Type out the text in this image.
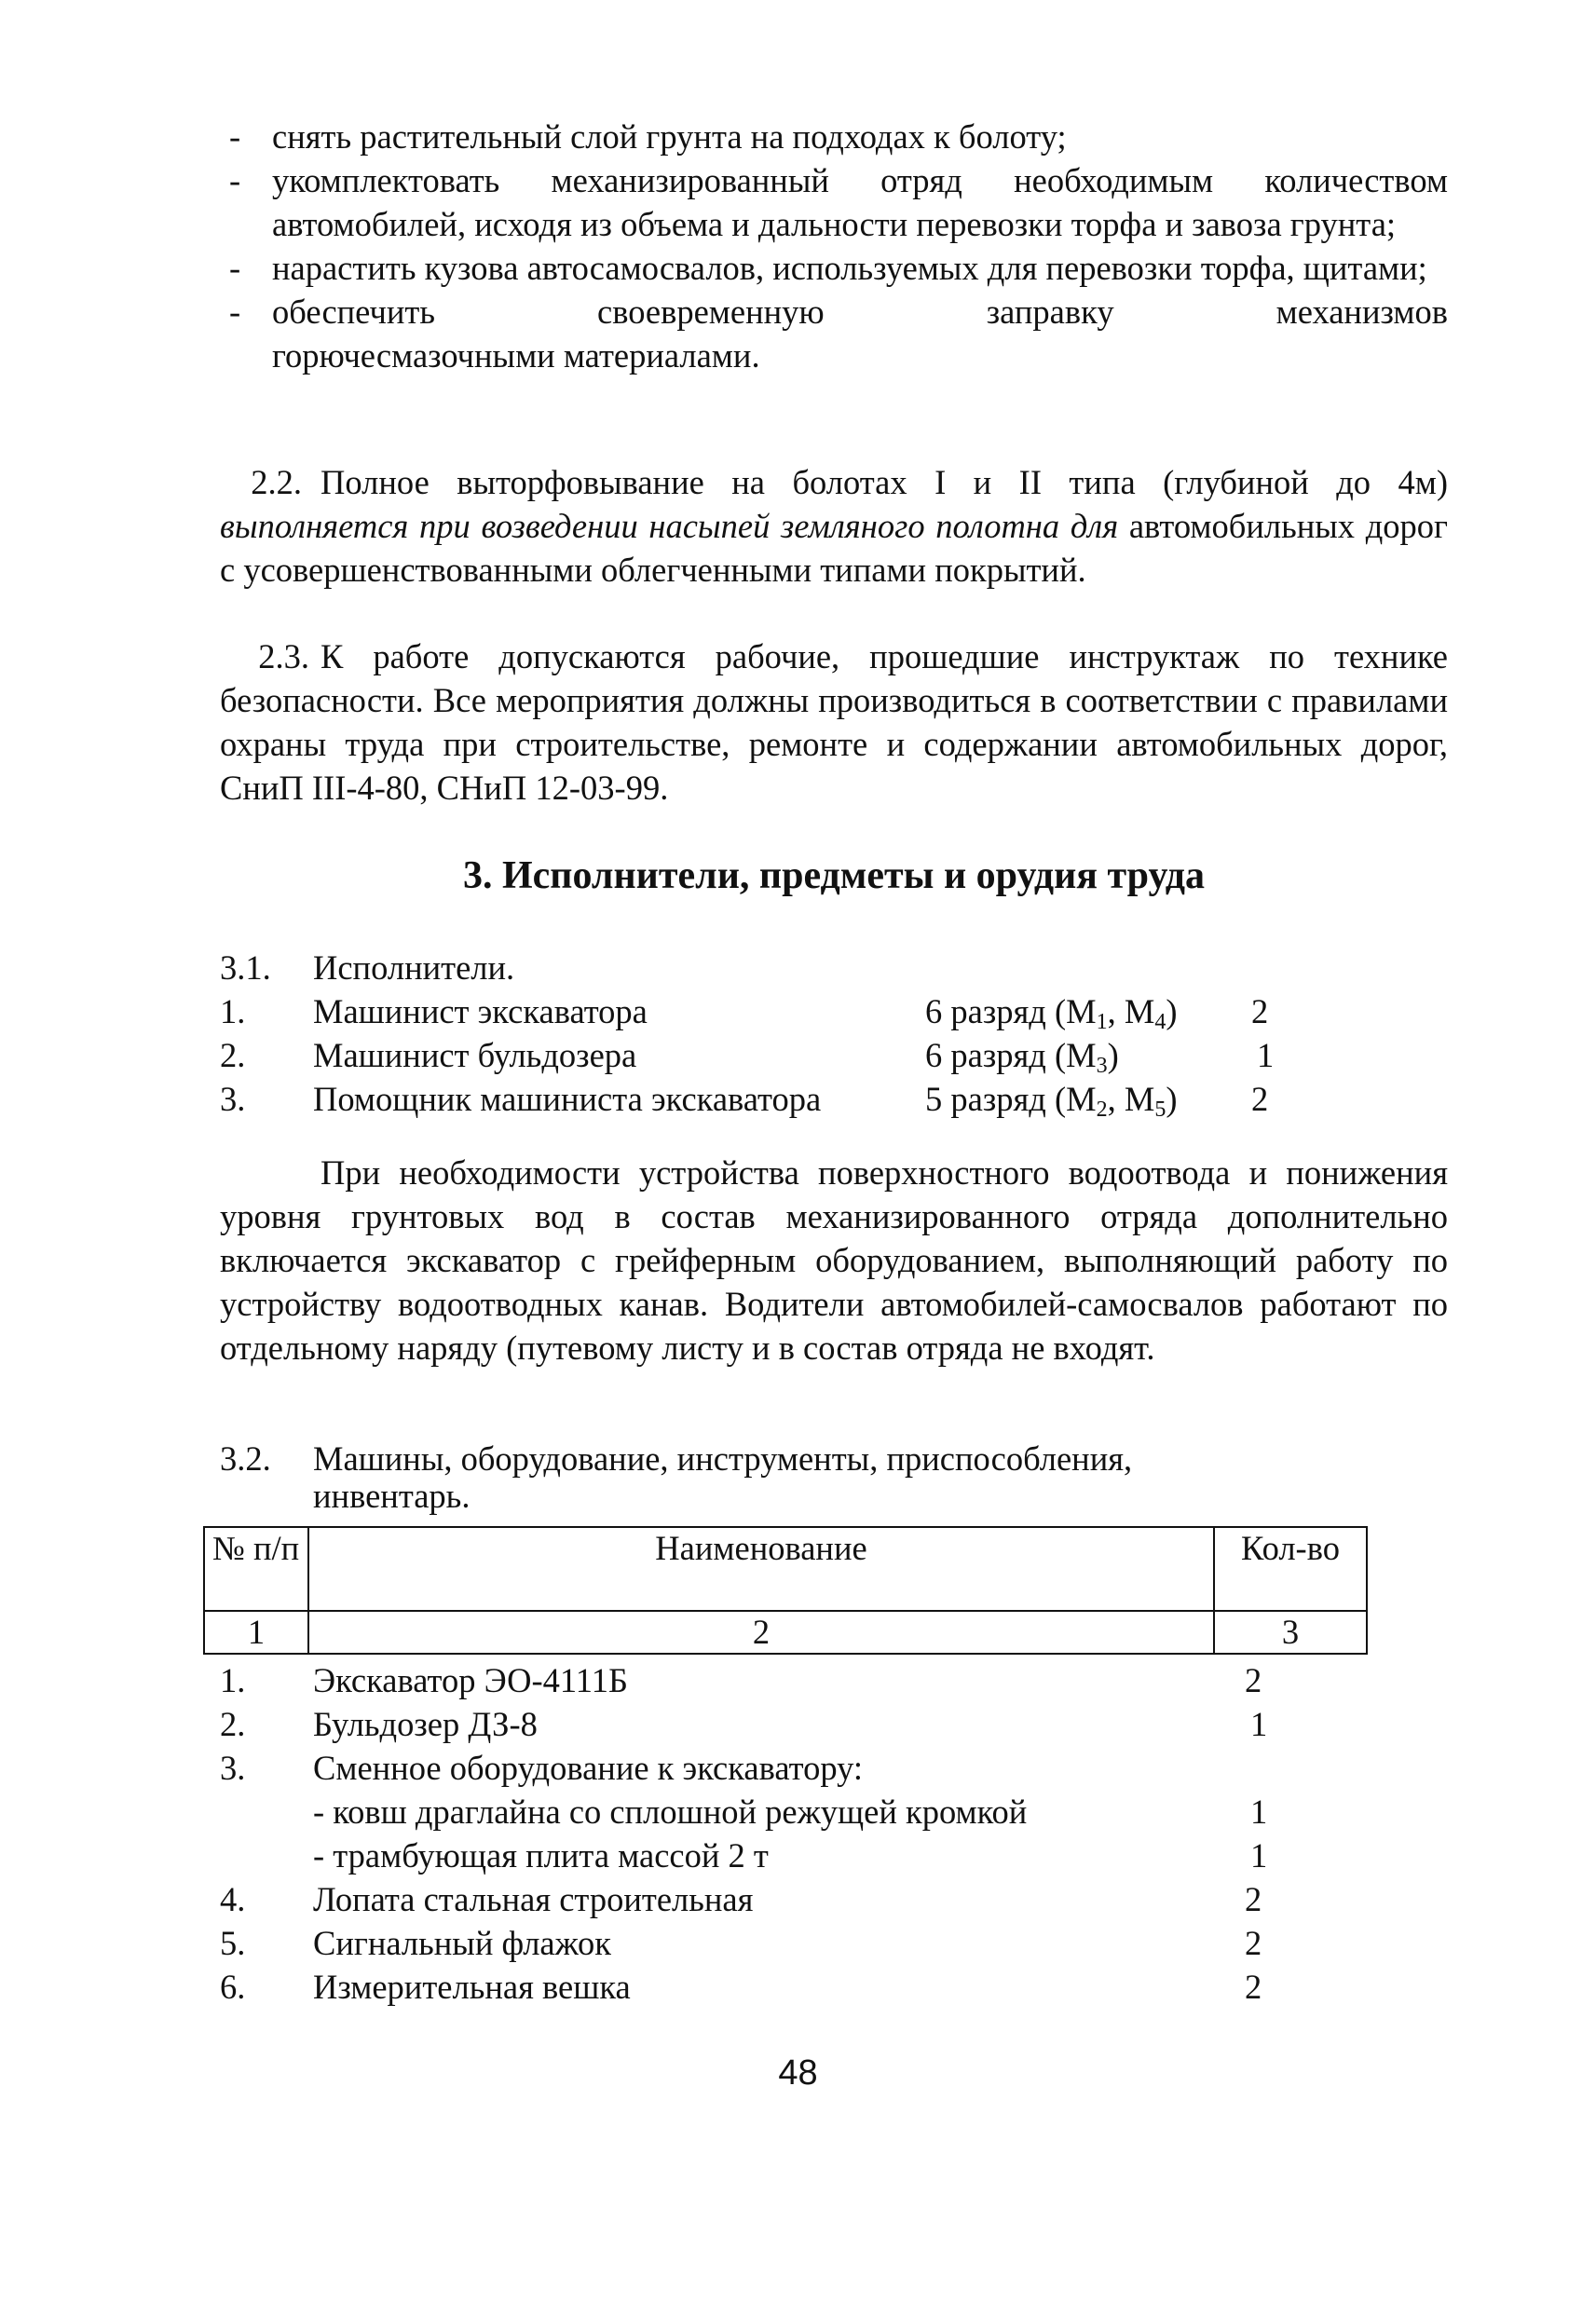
- снять растительный слой грунта на подходах к болоту;
- укомплектовать механизированный отряд необходимым количеством автомобилей, исходя из объема и дальности перевозки торфа и завоза грунта;
- нарастить кузова автосамосвалов, используемых для перевозки торфа, щитами;
- обеспечить своевременную заправку механизмов
горючесмазочными материалами.
2.2. Полное выторфовывание на болотах I и II типа (глубиной до 4м) выполняется при возведении насыпей земляного полотна для автомобильных дорог с усовершенствованными облегченными типами покрытий.
2.3. К работе допускаются рабочие, прошедшие инструктаж по технике безопасности. Все мероприятия должны производиться в соответствии с правилами охраны труда при строительстве, ремонте и содержании автомобильных дорог, СниП III-4-80, СНиП 12-03-99.
3. Исполнители, предметы и орудия труда
3.1.	Исполнители.
1.	Машинист экскаватора	6 разряд ($M_1$, $M_4$)	2
2.	Машинист бульдозера	6 разряд $(M_3)$	1
3.	Помощник машиниста экскаватора	5 разряд ($M_2$, $M_5$)	2
При необходимости устройства поверхностного водоотвода и понижения уровня грунтовых вод в состав механизированного отряда дополнительно включается экскаватор с грейферным оборудованием, выполняющий работу по устройству водоотводных канав. Водители автомобилей-самосвалов работают по отдельному наряду (путевому листу и в состав отряда не входят.
3.2.	Машины, оборудование, инструменты, приспособления,
инвентарь.
№ п/п	Наименование	Кол-во
1	2	3
1.	Экскаватор ЭО-4111Б	2
2.	Бульдозер ДЗ-8	1
3.	Сменное оборудование к экскаватору:
- ковш драглайна со сплошной режущей кромкой	1
- трамбующая плита массой 2 т	1
4.	Лопата стальная строительная	2
5.	Сигнальный флажок	2
6.	Измерительная вешка	2
48
